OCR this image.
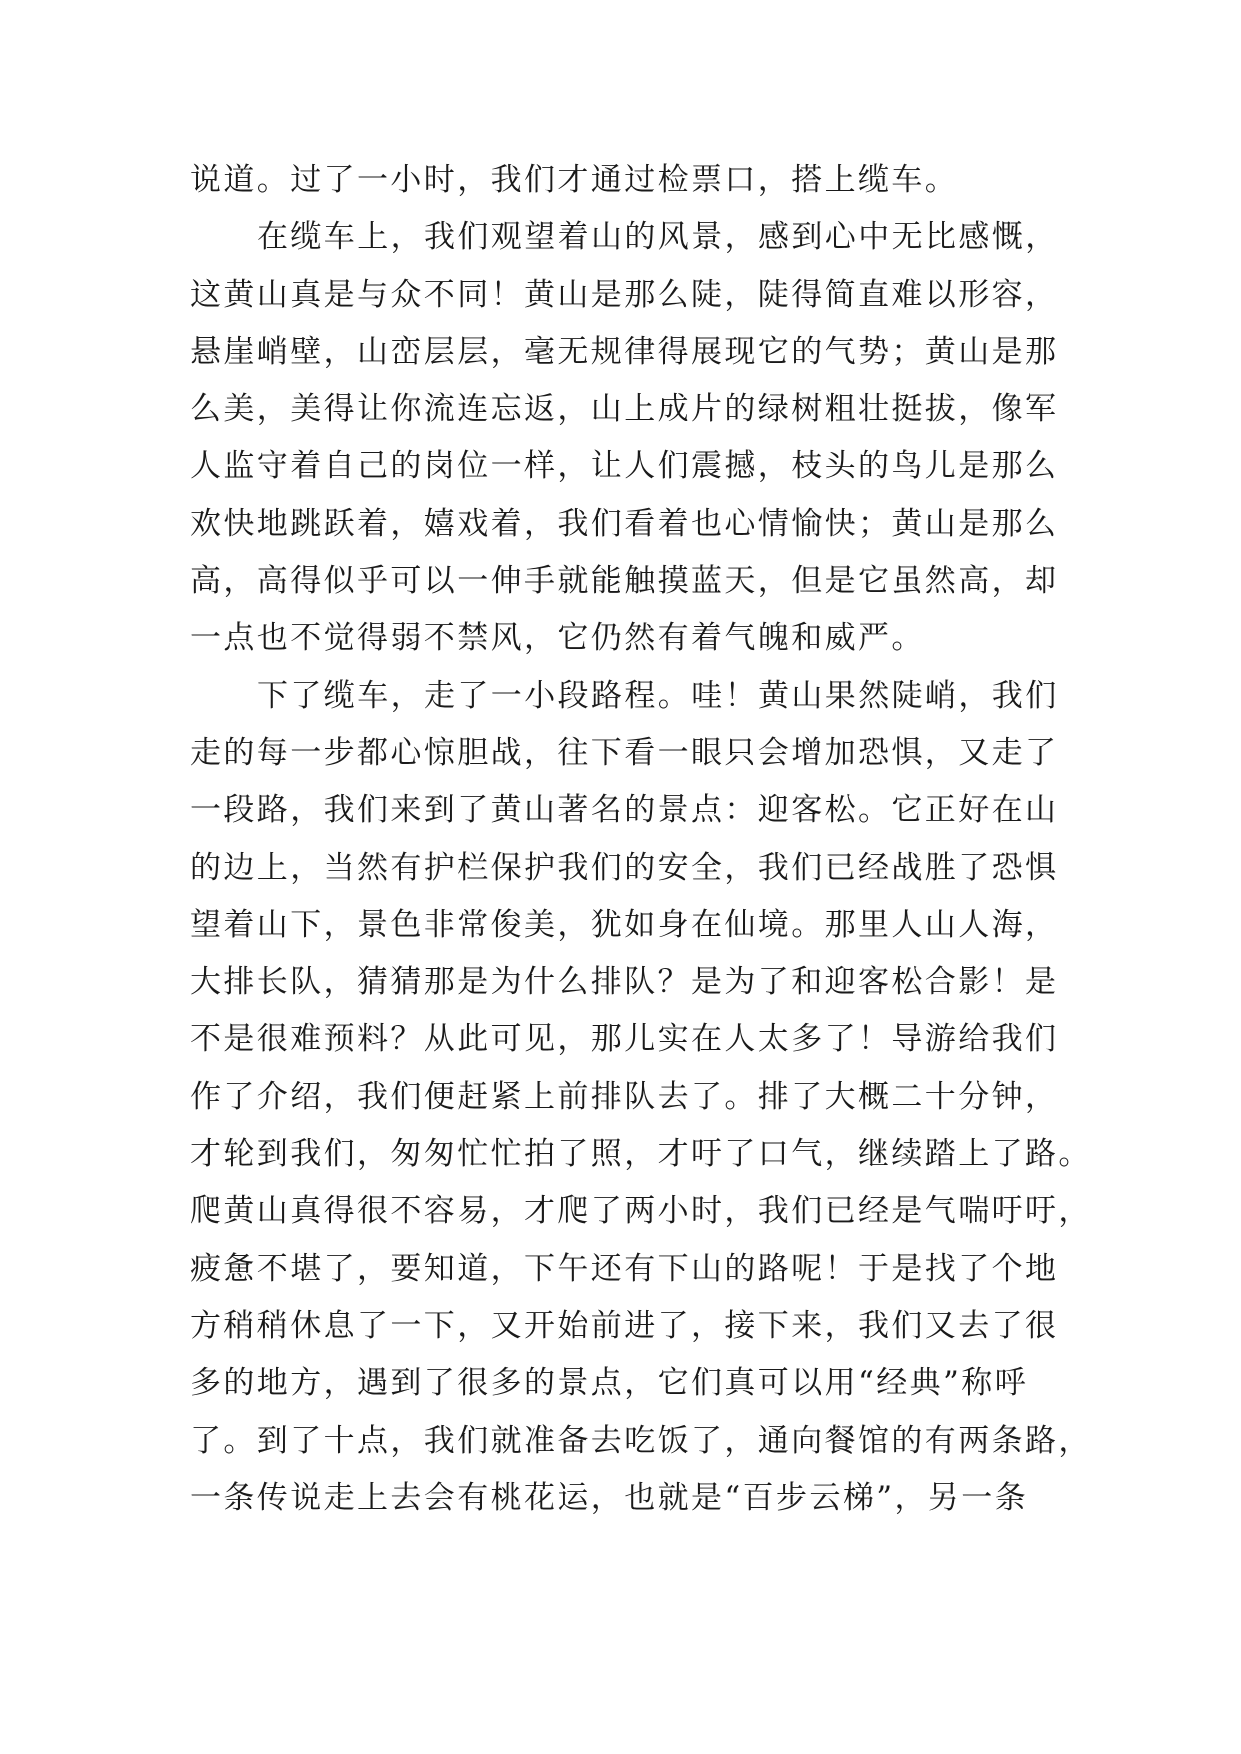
说道。过了一小时，我们才通过检票口，搭上缆车。
在缆车上，我们观望着山的风景，感到心中无比感慨，
这黄山真是与众不同！黄山是那么陡，陡得简直难以形容，
悬崖峭壁，山峦层层，毫无规律得展现它的气势；黄山是那
么美，美得让你流连忘返，山上成片的绿树粗壮挺拔，像军
人监守着自己的岗位一样，让人们震撼，枝头的鸟儿是那么
欢快地跳跃着，嬉戏着，我们看着也心情愉快；黄山是那么
高，高得似乎可以一伸手就能触摸蓝天，但是它虽然高，却
一点也不觉得弱不禁风，它仍然有着气魄和威严。
下了缆车，走了一小段路程。哇！黄山果然陡峭，我们
走的每一步都心惊胆战，往下看一眼只会增加恐惧，又走了
一段路，我们来到了黄山著名的景点：迎客松。它正好在山
的边上，当然有护栏保护我们的安全，我们已经战胜了恐惧
望着山下，景色非常俊美，犹如身在仙境。那里人山人海，
大排长队，猜猜那是为什么排队？是为了和迎客松合影！是
不是很难预料？从此可见，那儿实在人太多了！导游给我们
作了介绍，我们便赶紧上前排队去了。排了大概二十分钟，
才轮到我们，匆匆忙忙拍了照，才吁了口气，继续踏上了路。
爬黄山真得很不容易，才爬了两小时，我们已经是气喘吁吁，
疲惫不堪了，要知道，下午还有下山的路呢！于是找了个地
方稍稍休息了一下，又开始前进了，接下来，我们又去了很
多的地方，遇到了很多的景点，它们真可以用“经典”称呼
了。到了十点，我们就准备去吃饭了，通向餐馆的有两条路，
一条传说走上去会有桃花运，也就是“百步云梯”，另一条
